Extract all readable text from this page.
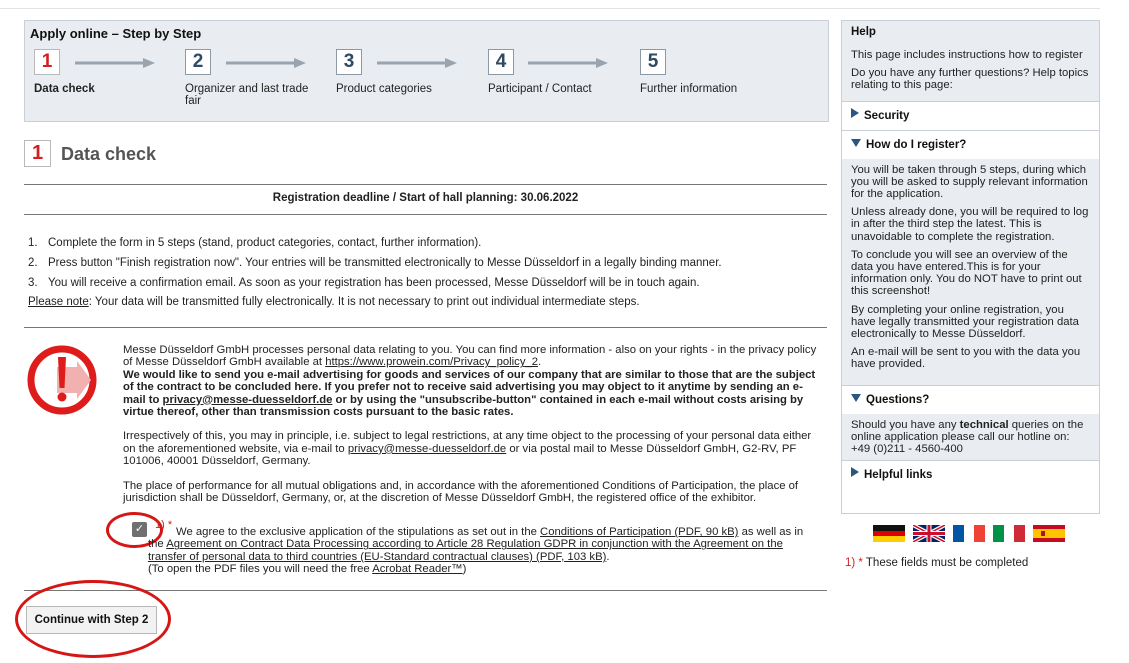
Apply online – Step by Step
1
Data check
2
Organizer and last trade fair
3
Product categories
4
Participant / Contact
5
Further information
1 Data check
Registration deadline / Start of hall planning: 30.06.2022
1. Complete the form in 5 steps (stand, product categories, contact, further information).
2. Press button "Finish registration now". Your entries will be transmitted electronically to Messe Düsseldorf in a legally binding manner.
3. You will receive a confirmation email. As soon as your registration has been processed, Messe Düsseldorf will be in touch again.
Please note: Your data will be transmitted fully electronically. It is not necessary to print out individual intermediate steps.

Messe Düsseldorf GmbH processes personal data relating to you. You can find more information - also on your rights - in the privacy policy of Messe Düsseldorf GmbH available at https://www.prowein.com/Privacy_policy_2.
We would like to send you e-mail advertising for goods and services of our company that are similar to those that are the subject of the contract to be concluded here. If you prefer not to receive said advertising you may object to it anytime by sending an e-mail to privacy@messe-duesseldorf.de or by using the "unsubscribe-button" contained in each e-mail without costs arising by virtue thereof, other than transmission costs pursuant to the basic rates.

Irrespectively of this, you may in principle, i.e. subject to legal restrictions, at any time object to the processing of your personal data either on the aforementioned website, via e-mail to privacy@messe-duesseldorf.de or via postal mail to Messe Düsseldorf GmbH, G2-RV, PF 101006, 40001 Düsseldorf, Germany.

The place of performance for all mutual obligations and, in accordance with the aforementioned Conditions of Participation, the place of jurisdiction shall be Düsseldorf, Germany, or, at the discretion of Messe Düsseldorf GmbH, the registered office of the exhibitor.

✓ 1) *
We agree to the exclusive application of the stipulations as set out in the Conditions of Participation (PDF, 90 kB) as well as in the Agreement on Contract Data Processing according to Article 28 Regulation GDPR in conjunction with the Agreement on the transfer of personal data to third countries (EU-Standard contractual clauses) (PDF, 103 kB).
(To open the PDF files you will need the free Acrobat Reader™)
Continue with Step 2
Help

This page includes instructions how to register

Do you have any further questions? Help topics relating to this page:

Security
How do I register?

You will be taken through 5 steps, during which you will be asked to supply relevant information for the application.

Unless already done, you will be required to log in after the third step the latest. This is unavoidable to complete the registration.

To conclude you will see an overview of the data you have entered.This is for your information only. You do NOT have to print out this screenshot!

By completing your online registration, you have legally transmitted your registration data electronically to Messe Düsseldorf.

An e-mail will be sent to you with the data you have provided.

Questions?

Should you have any technical queries on the online application please call our hotline on:
+49 (0)211 - 4560-400

Helpful links
1) * These fields must be completed
